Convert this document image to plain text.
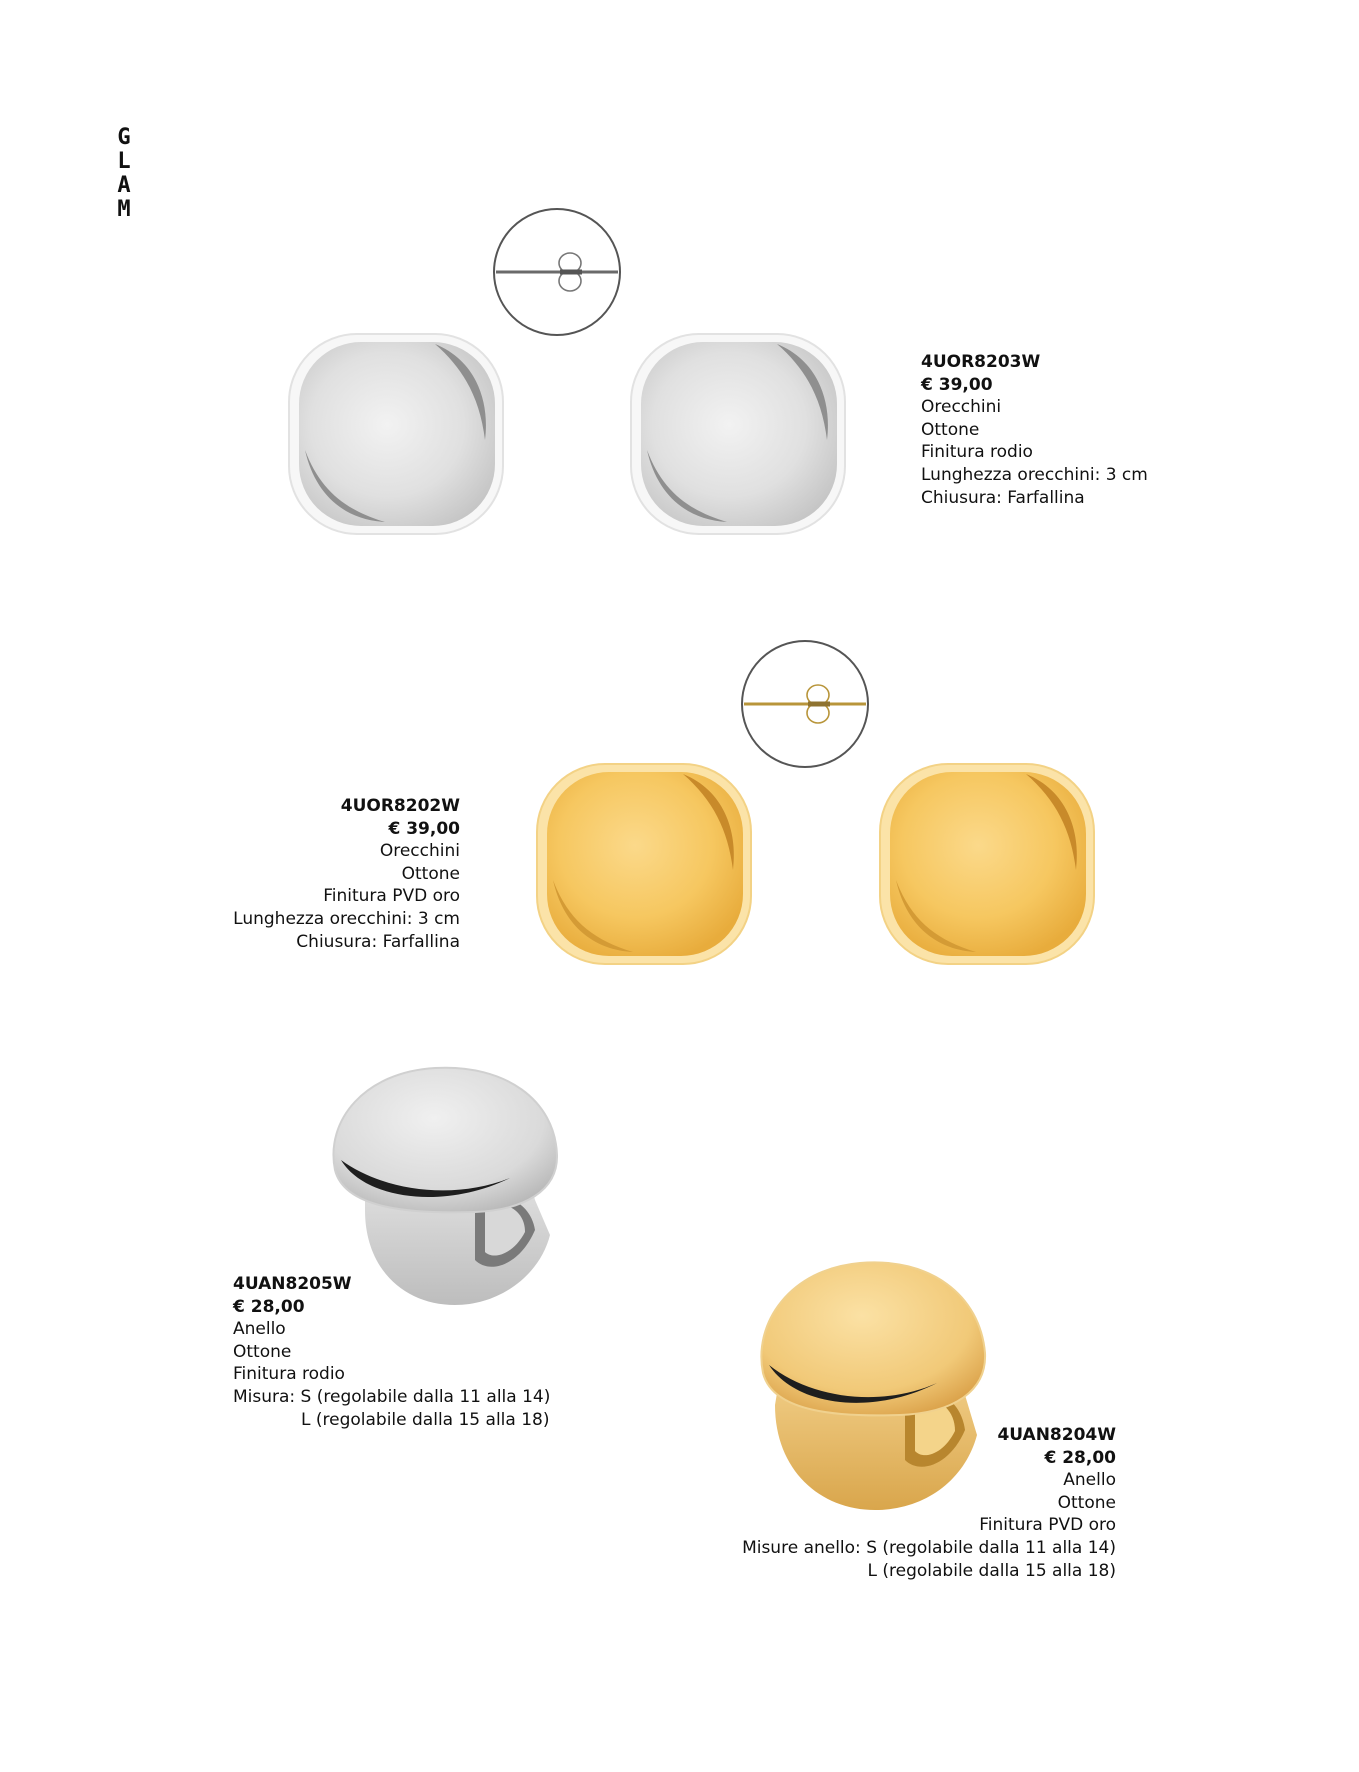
G
L
A
M
4UOR8203W
€ 39,00
Orecchini
Ottone
Finitura rodio
Lunghezza orecchini: 3 cm
Chiusura: Farfallina
4UOR8202W
€ 39,00
Orecchini
Ottone
Finitura PVD oro
Lunghezza orecchini: 3 cm
Chiusura: Farfallina
4UAN8205W
€ 28,00
Anello
Ottone
Finitura rodio
Misura: S (regolabile dalla 11 alla 14)
L (regolabile dalla 15 alla 18)
4UAN8204W
€ 28,00
Anello
Ottone
Finitura PVD oro
Misure anello: S (regolabile dalla 11 alla 14)
L (regolabile dalla 15 alla 18)
